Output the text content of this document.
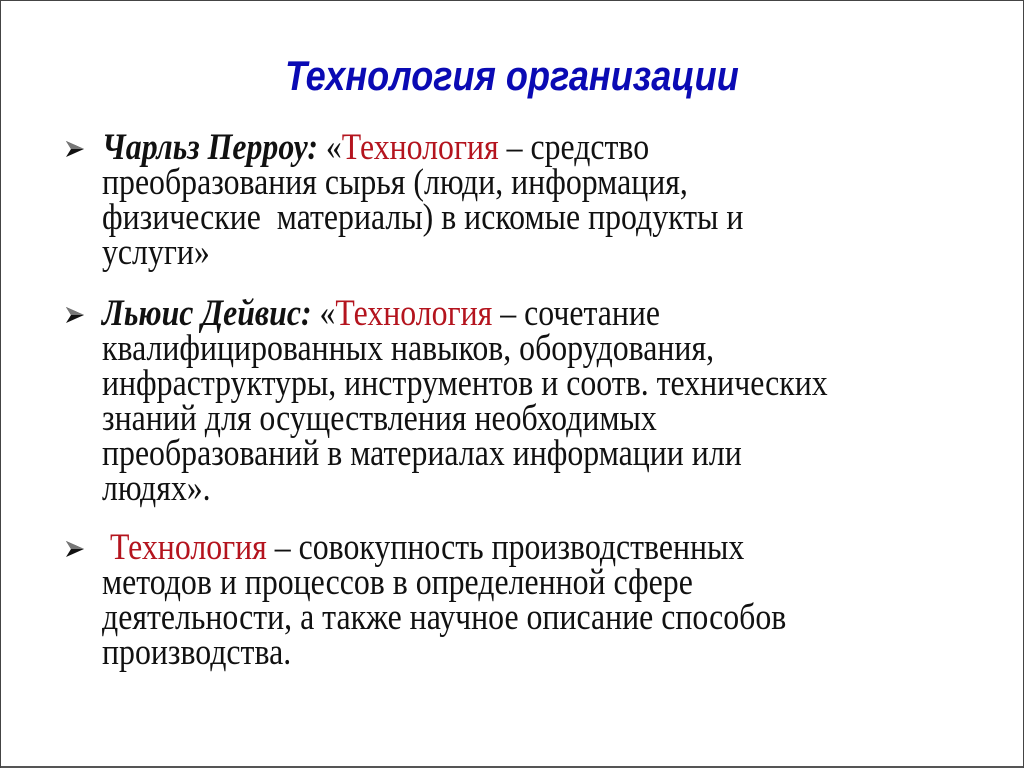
Технология организации
Чарльз Перроу: «Технология – средство
преобразования сырья (люди, информация,
физические  материалы) в искомые продукты и
услуги»
Льюис Дейвис: «Технология – сочетание
квалифицированных навыков, оборудования,
инфраструктуры, инструментов и соотв. технических
знаний для осуществления необходимых
преобразований в материалах информации или
людях».
Технология – совокупность производственных
методов и процессов в определенной сфере
деятельности, а также научное описание способов
производства.
